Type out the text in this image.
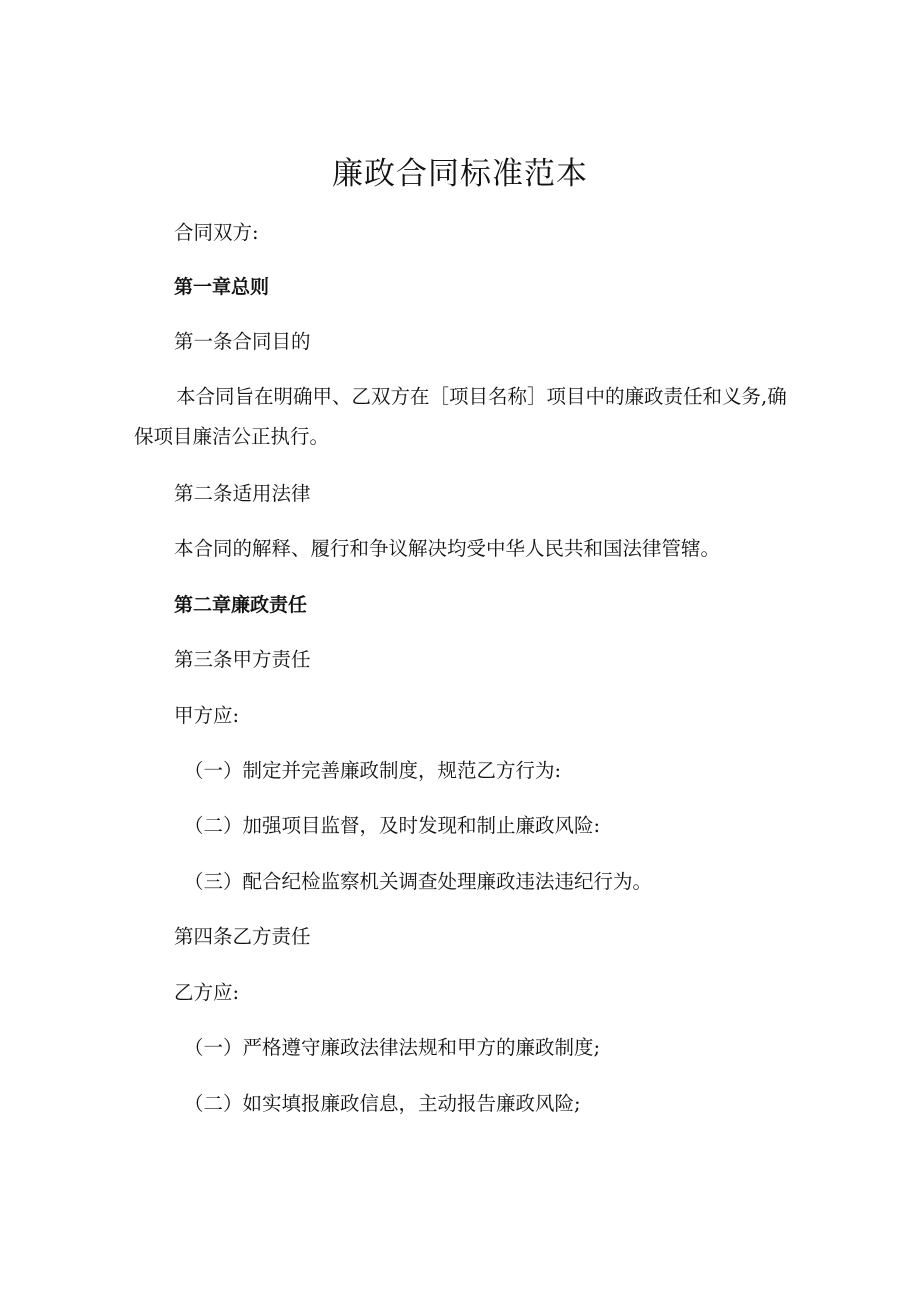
廉政合同标准范本
合同双方:
第一章总则
第一条合同目的

本合同旨在明确甲、乙双方在［项目名称］项目中的廉政责任和义务,确保项目廉洁公正执行。

第二条适用法律
本合同的解释、履行和争议解决均受中华人民共和国法律管辖。
第二章廉政责任
第三条甲方责任
甲方应:
（一）制定并完善廉政制度，规范乙方行为:
（二）加强项目监督，及时发现和制止廉政风险:
（三）配合纪检监察机关调查处理廉政违法违纪行为。
第四条乙方责任
乙方应:
（一）严格遵守廉政法律法规和甲方的廉政制度;
（二）如实填报廉政信息，主动报告廉政风险;
